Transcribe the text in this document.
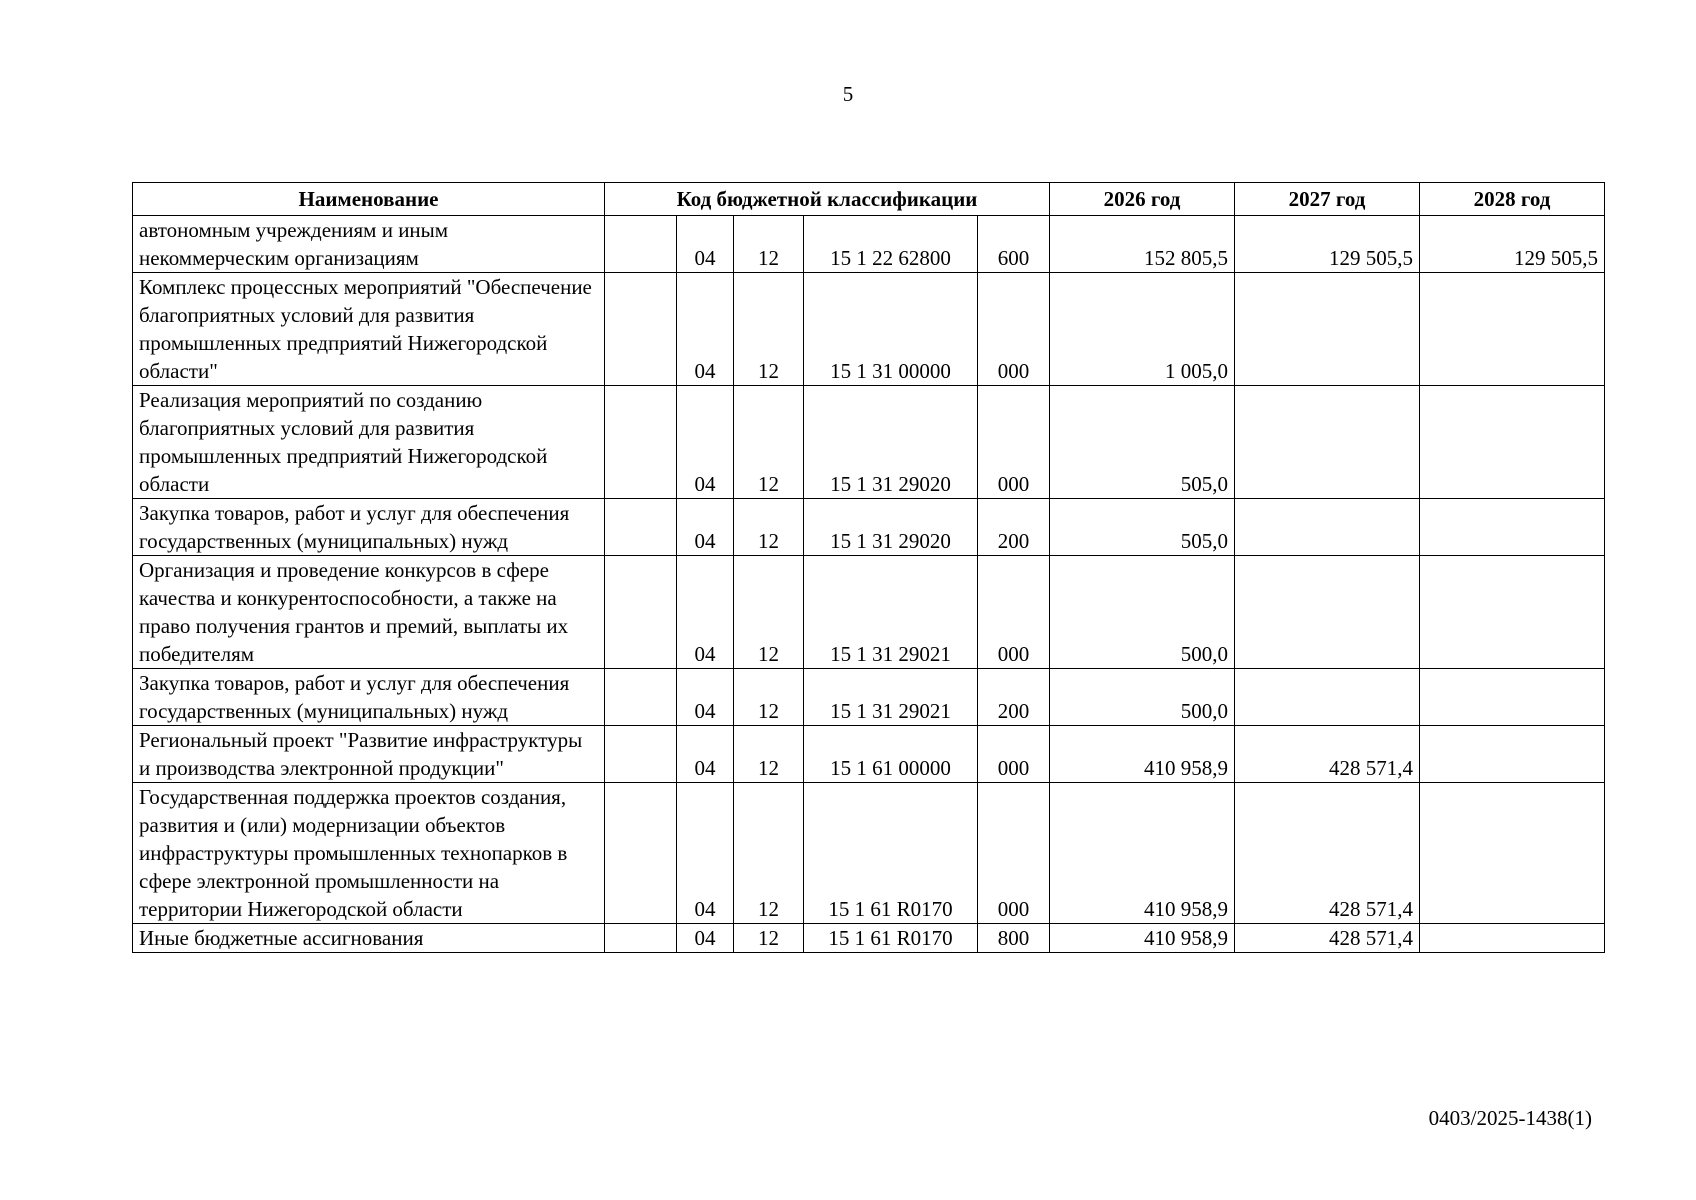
5
Наименование	Код бюджетной классификации					2026 год	2027 год	2028 год
автономным учреждениям и иным некоммерческим организациям		04	12	15 1 22 62800	600	152 805,5	129 505,5	129 505,5
Комплекс процессных мероприятий "Обеспечение благоприятных условий для развития промышленных предприятий Нижегородской области"		04	12	15 1 31 00000	000	1 005,0		
Реализация мероприятий по созданию благоприятных условий для развития промышленных предприятий Нижегородской области		04	12	15 1 31 29020	000	505,0		
Закупка товаров, работ и услуг для обеспечения государственных (муниципальных) нужд		04	12	15 1 31 29020	200	505,0		
Организация и проведение конкурсов в сфере качества и конкурентоспособности, а также на право получения грантов и премий, выплаты их победителям		04	12	15 1 31 29021	000	500,0		
Закупка товаров, работ и услуг для обеспечения государственных (муниципальных) нужд		04	12	15 1 31 29021	200	500,0		
Региональный проект "Развитие инфраструктуры и производства электронной продукции"		04	12	15 1 61 00000	000	410 958,9	428 571,4	
Государственная поддержка проектов создания, развития и (или) модернизации объектов инфраструктуры промышленных технопарков в сфере электронной промышленности на территории Нижегородской области		04	12	15 1 61 R0170	000	410 958,9	428 571,4	
Иные бюджетные ассигнования		04	12	15 1 61 R0170	800	410 958,9	428 571,4	
0403/2025-1438(1)
